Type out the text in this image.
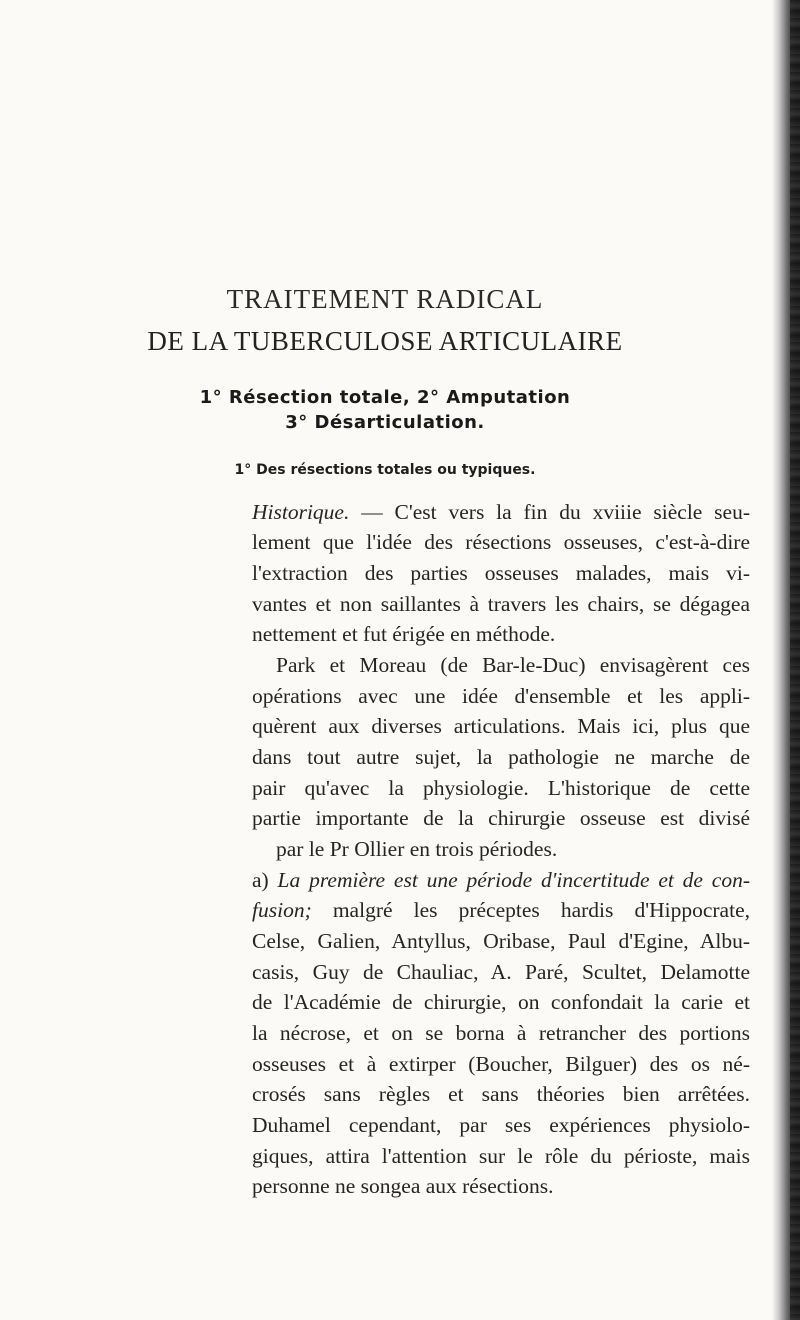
TRAITEMENT RADICAL
DE LA TUBERCULOSE ARTICULAIRE
1° Résection totale, 2° Amputation
3° Désarticulation.
1° Des résections totales ou typiques.
Historique. — C'est vers la fin du xviiie siècle seu-
lement que l'idée des résections osseuses, c'est-à-dire
l'extraction des parties osseuses malades, mais vi-
vantes et non saillantes à travers les chairs, se dégagea
nettement et fut érigée en méthode.
Park et Moreau (de Bar-le-Duc) envisagèrent ces
opérations avec une idée d'ensemble et les appli-
quèrent aux diverses articulations. Mais ici, plus que
dans tout autre sujet, la pathologie ne marche de
pair qu'avec la physiologie. L'historique de cette
partie importante de la chirurgie osseuse est divisé
par le Pr Ollier en trois périodes.
a) La première est une période d'incertitude et de con-
fusion; malgré les préceptes hardis d'Hippocrate,
Celse, Galien, Antyllus, Oribase, Paul d'Egine, Albu-
casis, Guy de Chauliac, A. Paré, Scultet, Delamotte
de l'Académie de chirurgie, on confondait la carie et
la nécrose, et on se borna à retrancher des portions
osseuses et à extirper (Boucher, Bilguer) des os né-
crosés sans règles et sans théories bien arrêtées.
Duhamel cependant, par ses expériences physiolo-
giques, attira l'attention sur le rôle du périoste, mais
personne ne songea aux résections.
